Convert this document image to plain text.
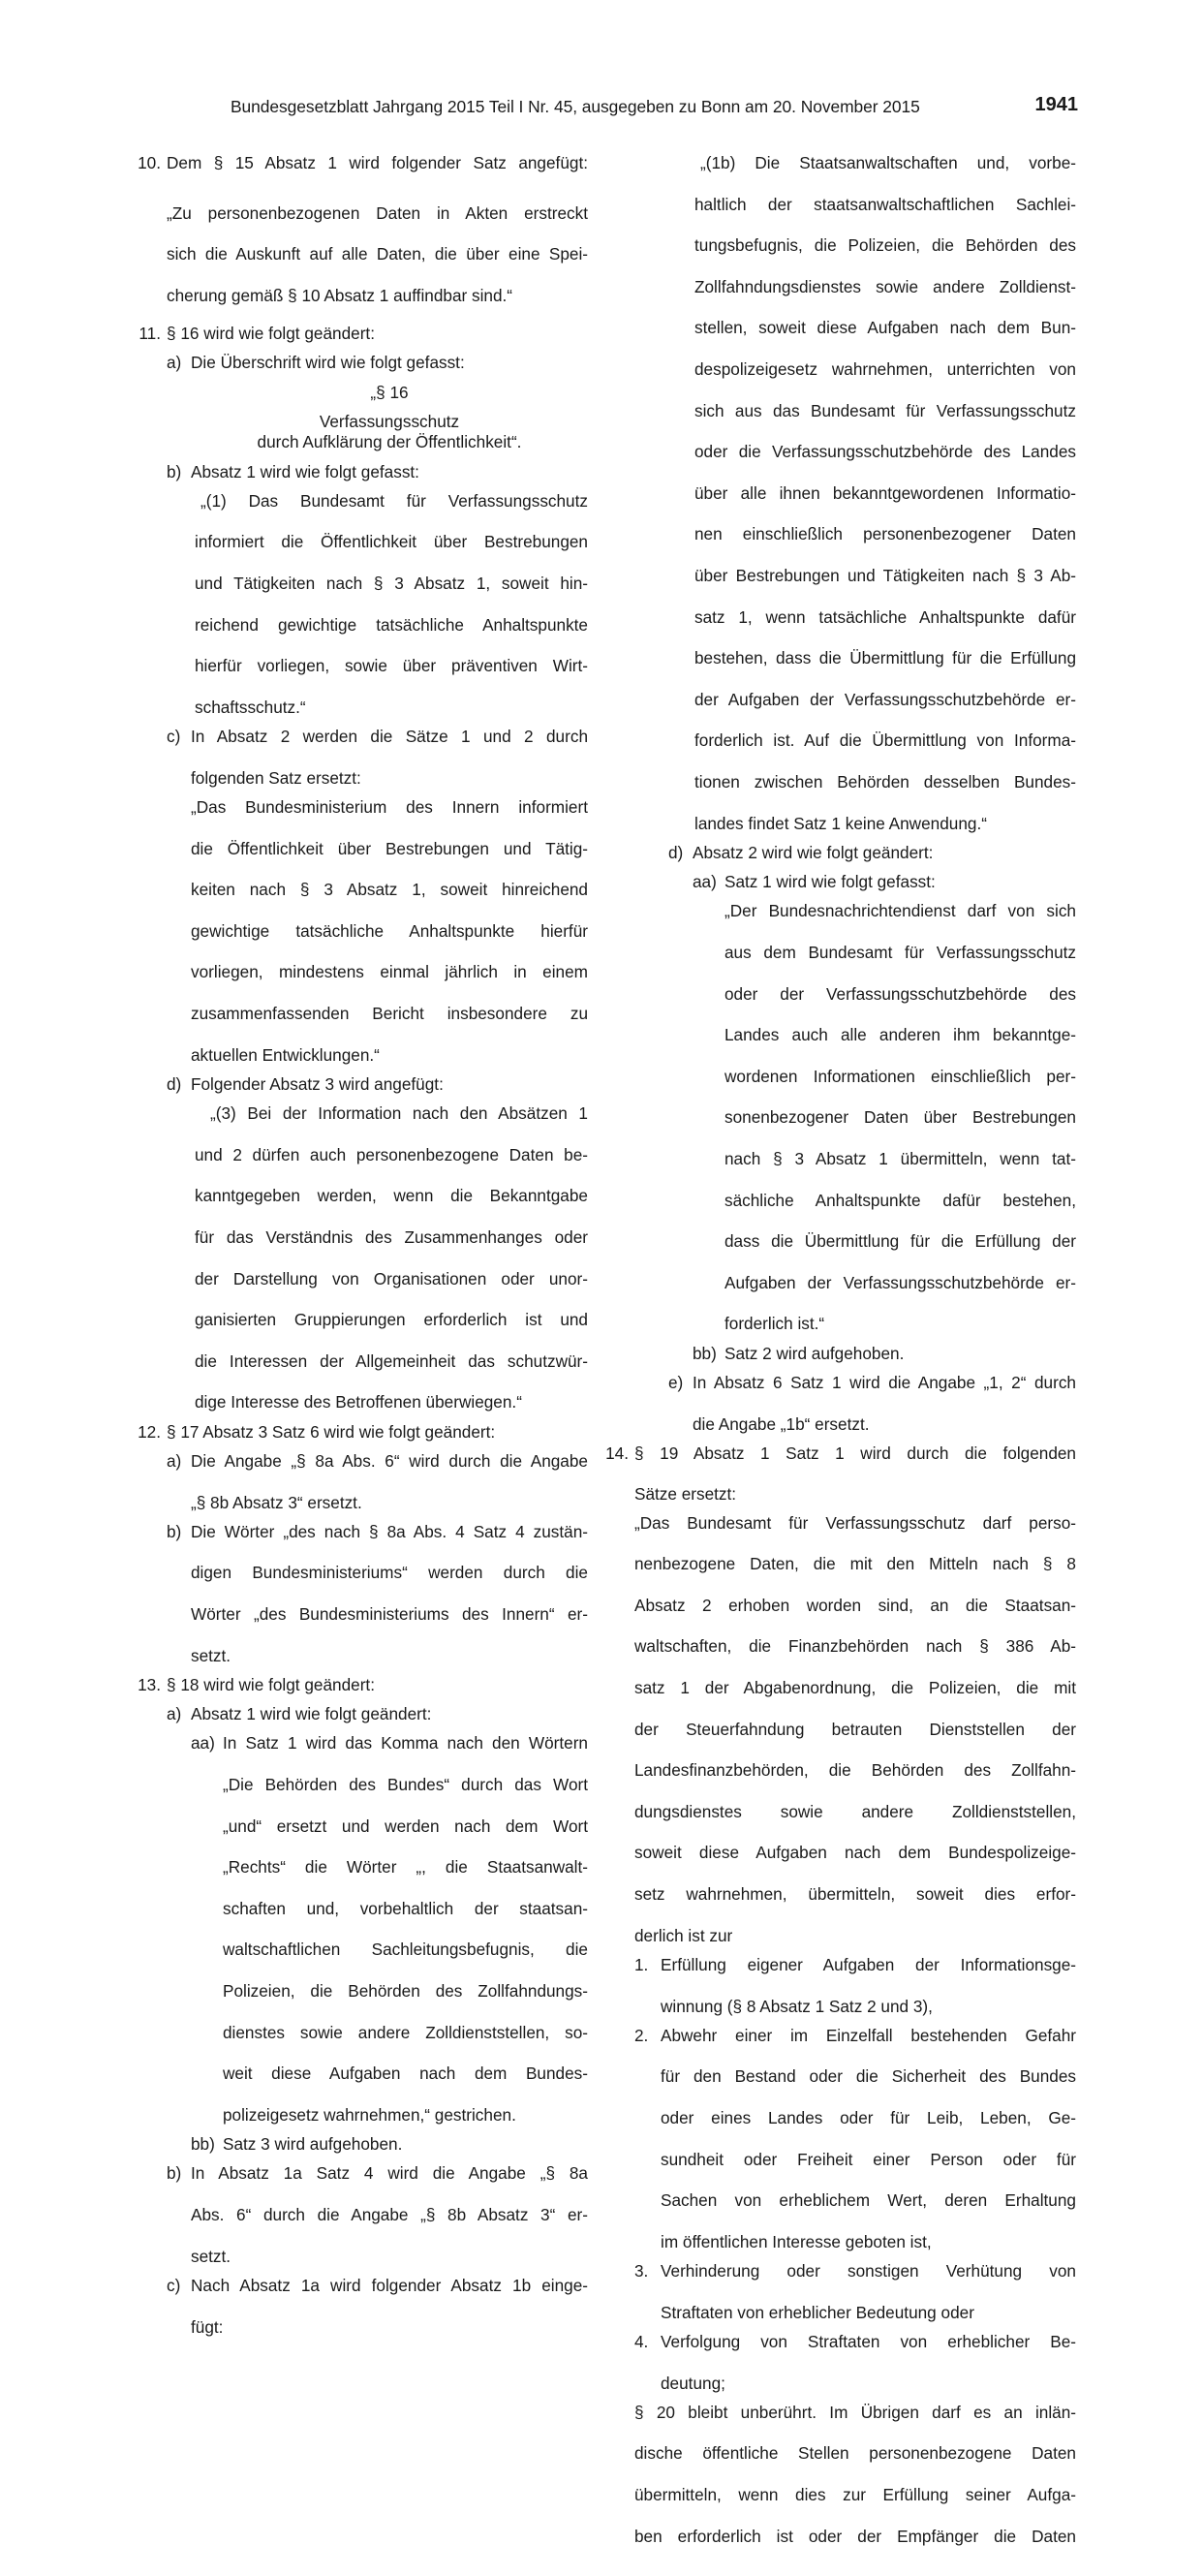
Bundesgesetzblatt Jahrgang 2015 Teil I Nr. 45, ausgegeben zu Bonn am 20. November 2015	1941
10. Dem § 15 Absatz 1 wird folgender Satz angefügt:

„Zu personenbezogenen Daten in Akten erstreckt

sich die Auskunft auf alle Daten, die über eine Spei-

cherung gemäß § 10 Absatz 1 auffindbar sind.“

11. § 16 wird wie folgt geändert:

a) Die Überschrift wird wie folgt gefasst:

„§ 16

Verfassungsschutz

durch Aufklärung der Öffentlichkeit“.

b) Absatz 1 wird wie folgt gefasst:

„(1) Das Bundesamt für Verfassungsschutz

informiert die Öffentlichkeit über Bestrebungen

und Tätigkeiten nach § 3 Absatz 1, soweit hin-

reichend gewichtige tatsächliche Anhaltspunkte

hierfür vorliegen, sowie über präventiven Wirt-

schaftsschutz.“

c) In Absatz 2 werden die Sätze 1 und 2 durch

folgenden Satz ersetzt:

„Das Bundesministerium des Innern informiert

die Öffentlichkeit über Bestrebungen und Tätig-

keiten nach § 3 Absatz 1, soweit hinreichend

gewichtige tatsächliche Anhaltspunkte hierfür

vorliegen, mindestens einmal jährlich in einem

zusammenfassenden Bericht insbesondere zu

aktuellen Entwicklungen.“

d) Folgender Absatz 3 wird angefügt:

„(3) Bei der Information nach den Absätzen 1

und 2 dürfen auch personenbezogene Daten be-

kanntgegeben werden, wenn die Bekanntgabe

für das Verständnis des Zusammenhanges oder

der Darstellung von Organisationen oder unor-

ganisierten Gruppierungen erforderlich ist und

die Interessen der Allgemeinheit das schutzwür-

dige Interesse des Betroffenen überwiegen.“

12. § 17 Absatz 3 Satz 6 wird wie folgt geändert:

a) Die Angabe „§ 8a Abs. 6“ wird durch die Angabe

„§ 8b Absatz 3“ ersetzt.

b) Die Wörter „des nach § 8a Abs. 4 Satz 4 zustän-

digen Bundesministeriums“ werden durch die

Wörter „des Bundesministeriums des Innern“ er-

setzt.

13. § 18 wird wie folgt geändert:

a) Absatz 1 wird wie folgt geändert:

aa) In Satz 1 wird das Komma nach den Wörtern

„Die Behörden des Bundes“ durch das Wort

„und“ ersetzt und werden nach dem Wort

„Rechts“ die Wörter „, die Staatsanwalt-

schaften und, vorbehaltlich der staatsan-

waltschaftlichen Sachleitungsbefugnis, die

Polizeien, die Behörden des Zollfahndungs-

dienstes sowie andere Zolldienststellen, so-

weit diese Aufgaben nach dem Bundes-

polizeigesetz wahrnehmen,“ gestrichen.

bb) Satz 3 wird aufgehoben.

b) In Absatz 1a Satz 4 wird die Angabe „§ 8a

Abs. 6“ durch die Angabe „§ 8b Absatz 3“ er-

setzt.

c) Nach Absatz 1a wird folgender Absatz 1b einge-

fügt:

„(1b) Die Staatsanwaltschaften und, vorbe-

haltlich der staatsanwaltschaftlichen Sachlei-

tungsbefugnis, die Polizeien, die Behörden des

Zollfahndungsdienstes sowie andere Zolldienst-

stellen, soweit diese Aufgaben nach dem Bun-

despolizeigesetz wahrnehmen, unterrichten von

sich aus das Bundesamt für Verfassungsschutz

oder die Verfassungsschutzbehörde des Landes

über alle ihnen bekanntgewordenen Informatio-

nen einschließlich personenbezogener Daten

über Bestrebungen und Tätigkeiten nach § 3 Ab-

satz 1, wenn tatsächliche Anhaltspunkte dafür

bestehen, dass die Übermittlung für die Erfüllung

der Aufgaben der Verfassungsschutzbehörde er-

forderlich ist. Auf die Übermittlung von Informa-

tionen zwischen Behörden desselben Bundes-

landes findet Satz 1 keine Anwendung.“

d) Absatz 2 wird wie folgt geändert:

aa) Satz 1 wird wie folgt gefasst:

„Der Bundesnachrichtendienst darf von sich

aus dem Bundesamt für Verfassungsschutz

oder der Verfassungsschutzbehörde des

Landes auch alle anderen ihm bekanntge-

wordenen Informationen einschließlich per-

sonenbezogener Daten über Bestrebungen

nach § 3 Absatz 1 übermitteln, wenn tat-

sächliche Anhaltspunkte dafür bestehen,

dass die Übermittlung für die Erfüllung der

Aufgaben der Verfassungsschutzbehörde er-

forderlich ist.“

bb) Satz 2 wird aufgehoben.

e) In Absatz 6 Satz 1 wird die Angabe „1, 2“ durch

die Angabe „1b“ ersetzt.

14. § 19 Absatz 1 Satz 1 wird durch die folgenden

Sätze ersetzt:

„Das Bundesamt für Verfassungsschutz darf perso-

nenbezogene Daten, die mit den Mitteln nach § 8

Absatz 2 erhoben worden sind, an die Staatsan-

waltschaften, die Finanzbehörden nach § 386 Ab-

satz 1 der Abgabenordnung, die Polizeien, die mit

der Steuerfahndung betrauten Dienststellen der

Landesfinanzbehörden, die Behörden des Zollfahn-

dungsdienstes sowie andere Zolldienststellen,

soweit diese Aufgaben nach dem Bundespolizeige-

setz wahrnehmen, übermitteln, soweit dies erfor-

derlich ist zur

1. Erfüllung eigener Aufgaben der Informationsge-

winnung (§ 8 Absatz 1 Satz 2 und 3),

2. Abwehr einer im Einzelfall bestehenden Gefahr

für den Bestand oder die Sicherheit des Bundes

oder eines Landes oder für Leib, Leben, Ge-

sundheit oder Freiheit einer Person oder für

Sachen von erheblichem Wert, deren Erhaltung

im öffentlichen Interesse geboten ist,

3. Verhinderung oder sonstigen Verhütung von

Straftaten von erheblicher Bedeutung oder

4. Verfolgung von Straftaten von erheblicher Be-

deutung;

§ 20 bleibt unberührt. Im Übrigen darf es an inlän-

dische öffentliche Stellen personenbezogene Daten

übermitteln, wenn dies zur Erfüllung seiner Aufga-

ben erforderlich ist oder der Empfänger die Daten
